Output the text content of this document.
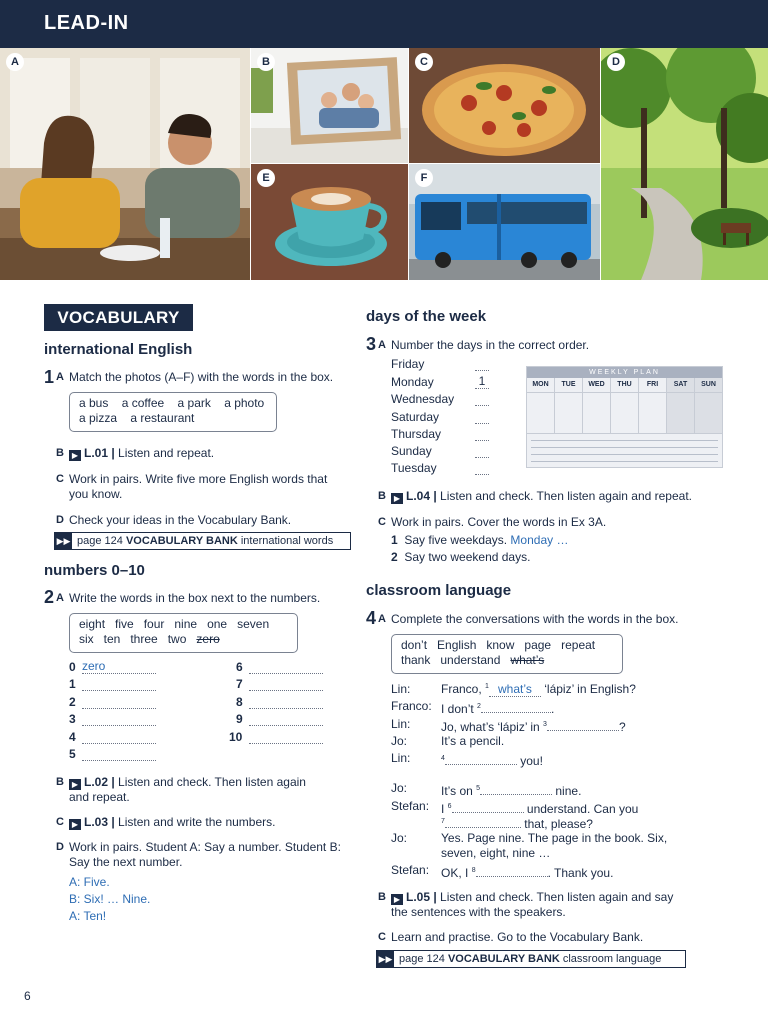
LEAD-IN
A	B	C	D
E	F
VOCABULARY
international English
1 A Match the photos (A–F) with the words in the box.
a bus    a coffee    a park    a photo
a pizza    a restaurant
B ▶ L.01 | Listen and repeat.
C Work in pairs. Write five more English words that
you know.
D Check your ideas in the Vocabulary Bank.
▶▶ page 124 VOCABULARY BANK international words
numbers 0–10
2 A Write the words in the box next to the numbers.
eight   five   four   nine   one   seven
six   ten   three   two zero
0 zero
1
2
3
4
5
6
7
8
9
10
B ▶ L.02 | Listen and check. Then listen again
and repeat.
C ▶ L.03 | Listen and write the numbers.
D Work in pairs. Student A: Say a number. Student B:
Say the next number.
A: Five.
B: Six! … Nine.
A: Ten!
days of the week
3 A Number the days in the correct order.
Friday
Monday	1
Wednesday
Saturday
Thursday
Sunday
Tuesday
WEEKLY PLAN
MON	TUE	WED	THU	FRI	SAT	SUN
B ▶ L.04 | Listen and check. Then listen again and repeat.
C Work in pairs. Cover the words in Ex 3A.
1 Say five weekdays. Monday …
2 Say two weekend days.
classroom language
4 A Complete the conversations with the words in the box.
don’t   English   know   page   repeat
thank   understand what’s
Lin:	Franco, $^1$ what’s ‘lápiz’ in English?
Franco: I don’t $^2$	.
Lin:	Jo, what’s ‘lápiz’ in $^3$	?
Jo:	It’s a pencil.
Lin:	$^4$	you!
Jo:	It’s on $^5$	nine.
Stefan: I $^6$	understand. Can you
$^7$	that, please?
Jo:	Yes. Page nine. The page in the book. Six,
seven, eight, nine …
Stefan: OK, I $^8$	. Thank you.
B ▶ L.05 | Listen and check. Then listen again and say
the sentences with the speakers.
C Learn and practise. Go to the Vocabulary Bank.
▶▶ page 124 VOCABULARY BANK classroom language
6
